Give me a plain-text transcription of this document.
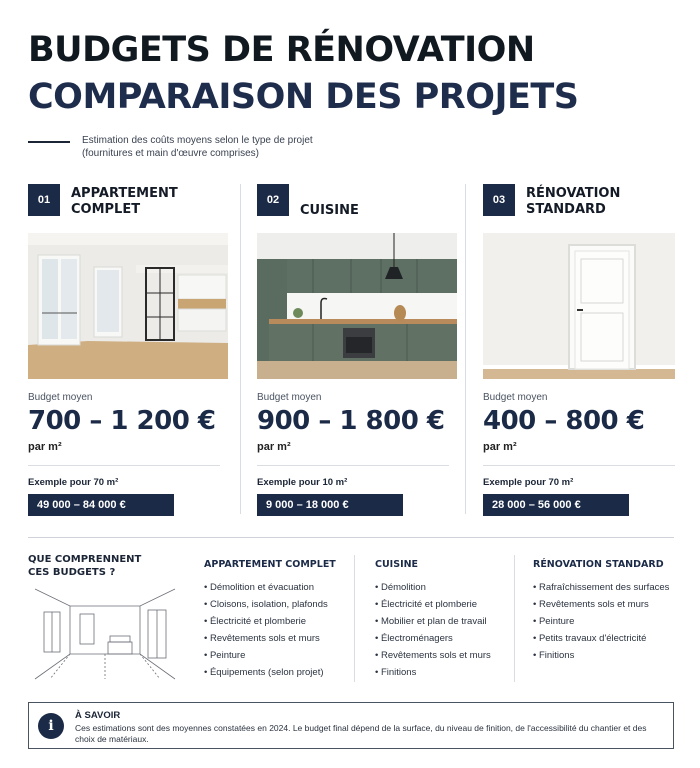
BUDGETS DE RÉNOVATION
COMPARAISON DES PROJETS
Estimation des coûts moyens selon le type de projet
(fournitures et main d'œuvre comprises)
01	APPARTEMENT
COMPLET
Budget moyen
700 – 1 200 €
par m²
Exemple pour 70 m²
49 000 – 84 000 €
02
CUISINE
Budget moyen
900 – 1 800 €
par m²
Exemple pour 10 m²
9 000 – 18 000 €
03	RÉNOVATION
STANDARD
Budget moyen
400 – 800 €
par m²
Exemple pour 70 m²
28 000 – 56 000 €
QUE COMPRENNENT
CES BUDGETS ?
APPARTEMENT COMPLET
• Démolition et évacuation
• Cloisons, isolation, plafonds
• Électricité et plomberie
• Revêtements sols et murs
• Peinture
• Équipements (selon projet)
CUISINE
• Démolition
• Électricité et plomberie
• Mobilier et plan de travail
• Électroménagers
• Revêtements sols et murs
• Finitions
RÉNOVATION STANDARD
• Rafraîchissement des surfaces
• Revêtements sols et murs
• Peinture
• Petits travaux d'électricité
• Finitions
i
À SAVOIR
Ces estimations sont des moyennes constatées en 2024. Le budget final dépend de la surface, du niveau de finition, de l'accessibilité du chantier et des choix de matériaux.
